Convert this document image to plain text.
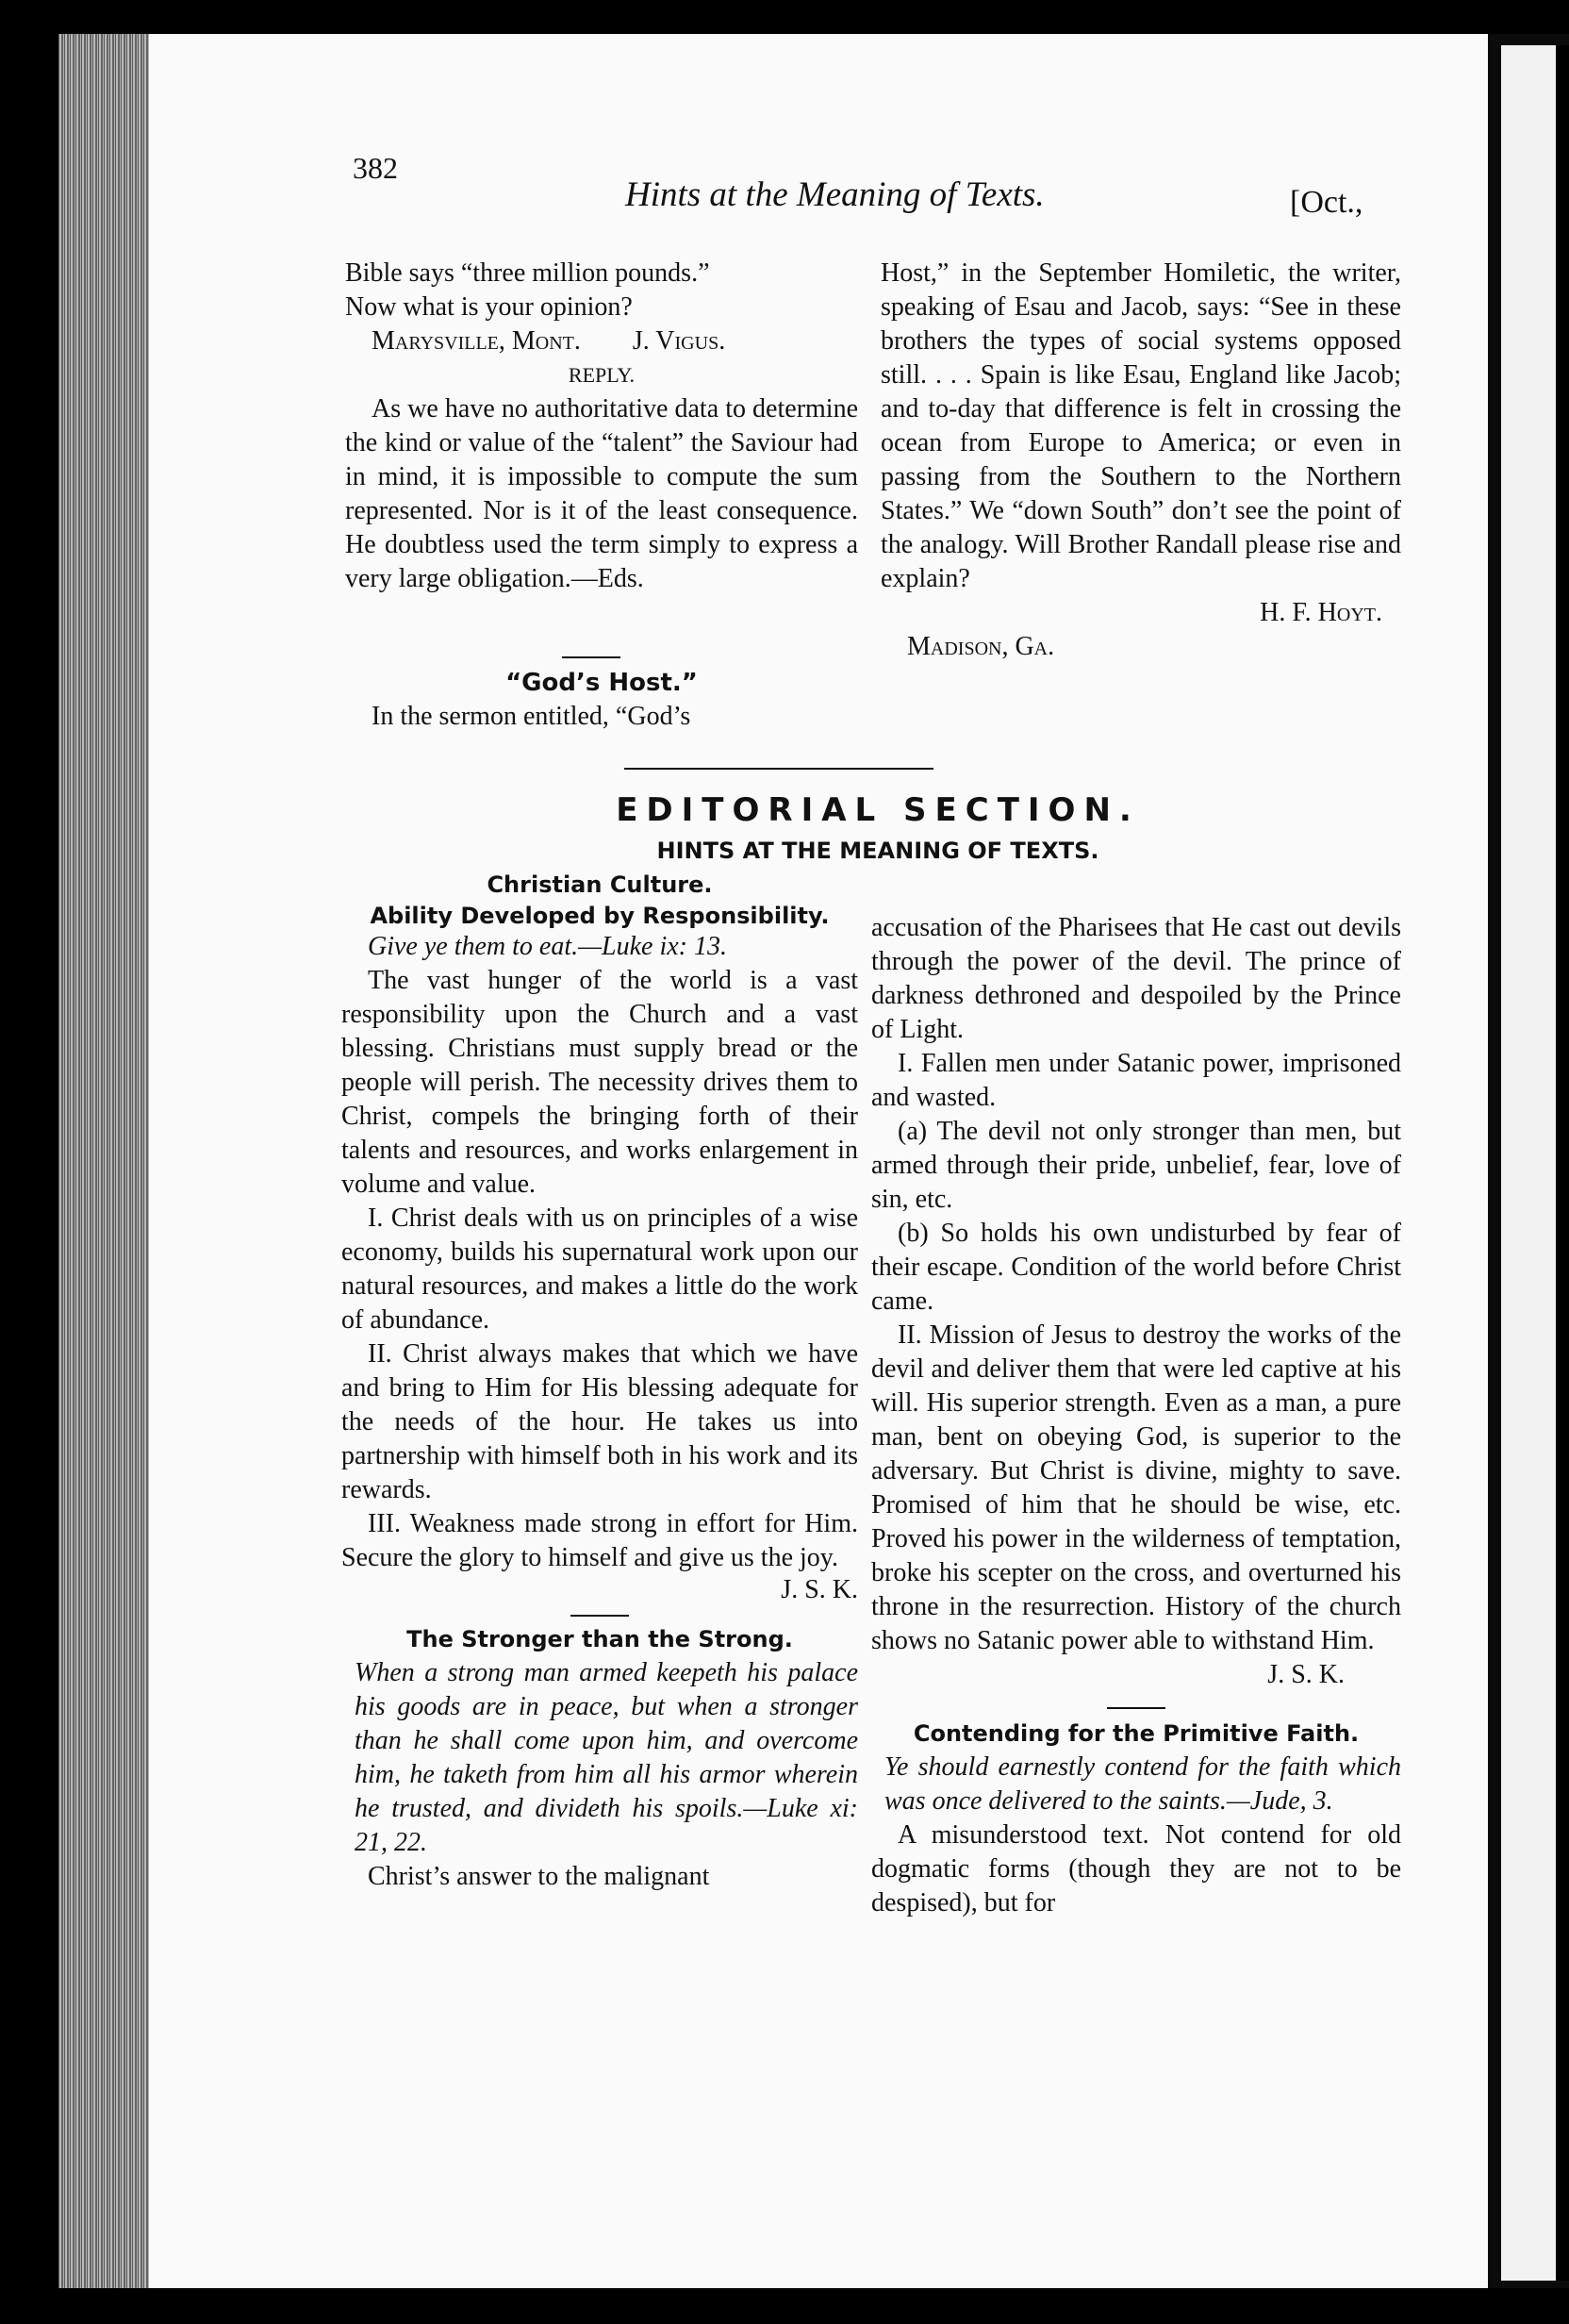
382
Hints at the Meaning of Texts.	[Oct.,

Bible says “three million pounds.”

Now what is your opinion?

Marysville, Mont. J. Vigus.

REPLY.

As we have no authoritative data to determine the kind or value of the “talent” the Saviour had in mind, it is impossible to compute the sum represented. Nor is it of the least consequence. He doubtless used the term simply to express a very large obligation.—Eds.

“God’s Host.”
In the sermon entitled, “God’s

Host,” in the September Homiletic, the writer, speaking of Esau and Jacob, says: “See in these brothers the types of social systems opposed still. . . . Spain is like Esau, England like Jacob; and to-day that difference is felt in crossing the ocean from Europe to America; or even in passing from the Southern to the Northern States.” We “down South” don’t see the point of the analogy. Will Brother Randall please rise and explain?

H. F. Hoyt.

Madison, Ga.

EDITORIAL SECTION.
HINTS AT THE MEANING OF TEXTS.

Christian Culture.

Ability Developed by Responsibility.

Give ye them to eat.—Luke ix: 13.

The vast hunger of the world is a vast responsibility upon the Church and a vast blessing. Christians must supply bread or the people will perish. The necessity drives them to Christ, compels the bringing forth of their talents and resources, and works enlargement in volume and value.

I. Christ deals with us on principles of a wise economy, builds his supernatural work upon our natural resources, and makes a little do the work of abundance.

II. Christ always makes that which we have and bring to Him for His blessing adequate for the needs of the hour. He takes us into partnership with himself both in his work and its rewards.

III. Weakness made strong in effort for Him. Secure the glory to himself and give us the joy.

J. S. K.

The Stronger than the Strong.

When a strong man armed keepeth his palace his goods are in peace, but when a stronger than he shall come upon him, and overcome him, he taketh from him all his armor wherein he trusted, and divideth his spoils.—Luke xi: 21, 22.

Christ’s answer to the malignant

accusation of the Pharisees that He cast out devils through the power of the devil. The prince of darkness dethroned and despoiled by the Prince of Light.

I. Fallen men under Satanic power, imprisoned and wasted.

(a) The devil not only stronger than men, but armed through their pride, unbelief, fear, love of sin, etc.

(b) So holds his own undisturbed by fear of their escape. Condition of the world before Christ came.

II. Mission of Jesus to destroy the works of the devil and deliver them that were led captive at his will. His superior strength. Even as a man, a pure man, bent on obeying God, is superior to the adversary. But Christ is divine, mighty to save. Promised of him that he should be wise, etc. Proved his power in the wilderness of temptation, broke his scepter on the cross, and overturned his throne in the resurrection. History of the church shows no Satanic power able to withstand Him.

J. S. K.

Contending for the Primitive Faith.

Ye should earnestly contend for the faith which was once delivered to the saints.—Jude, 3.

A misunderstood text. Not contend for old dogmatic forms (though they are not to be despised), but for
